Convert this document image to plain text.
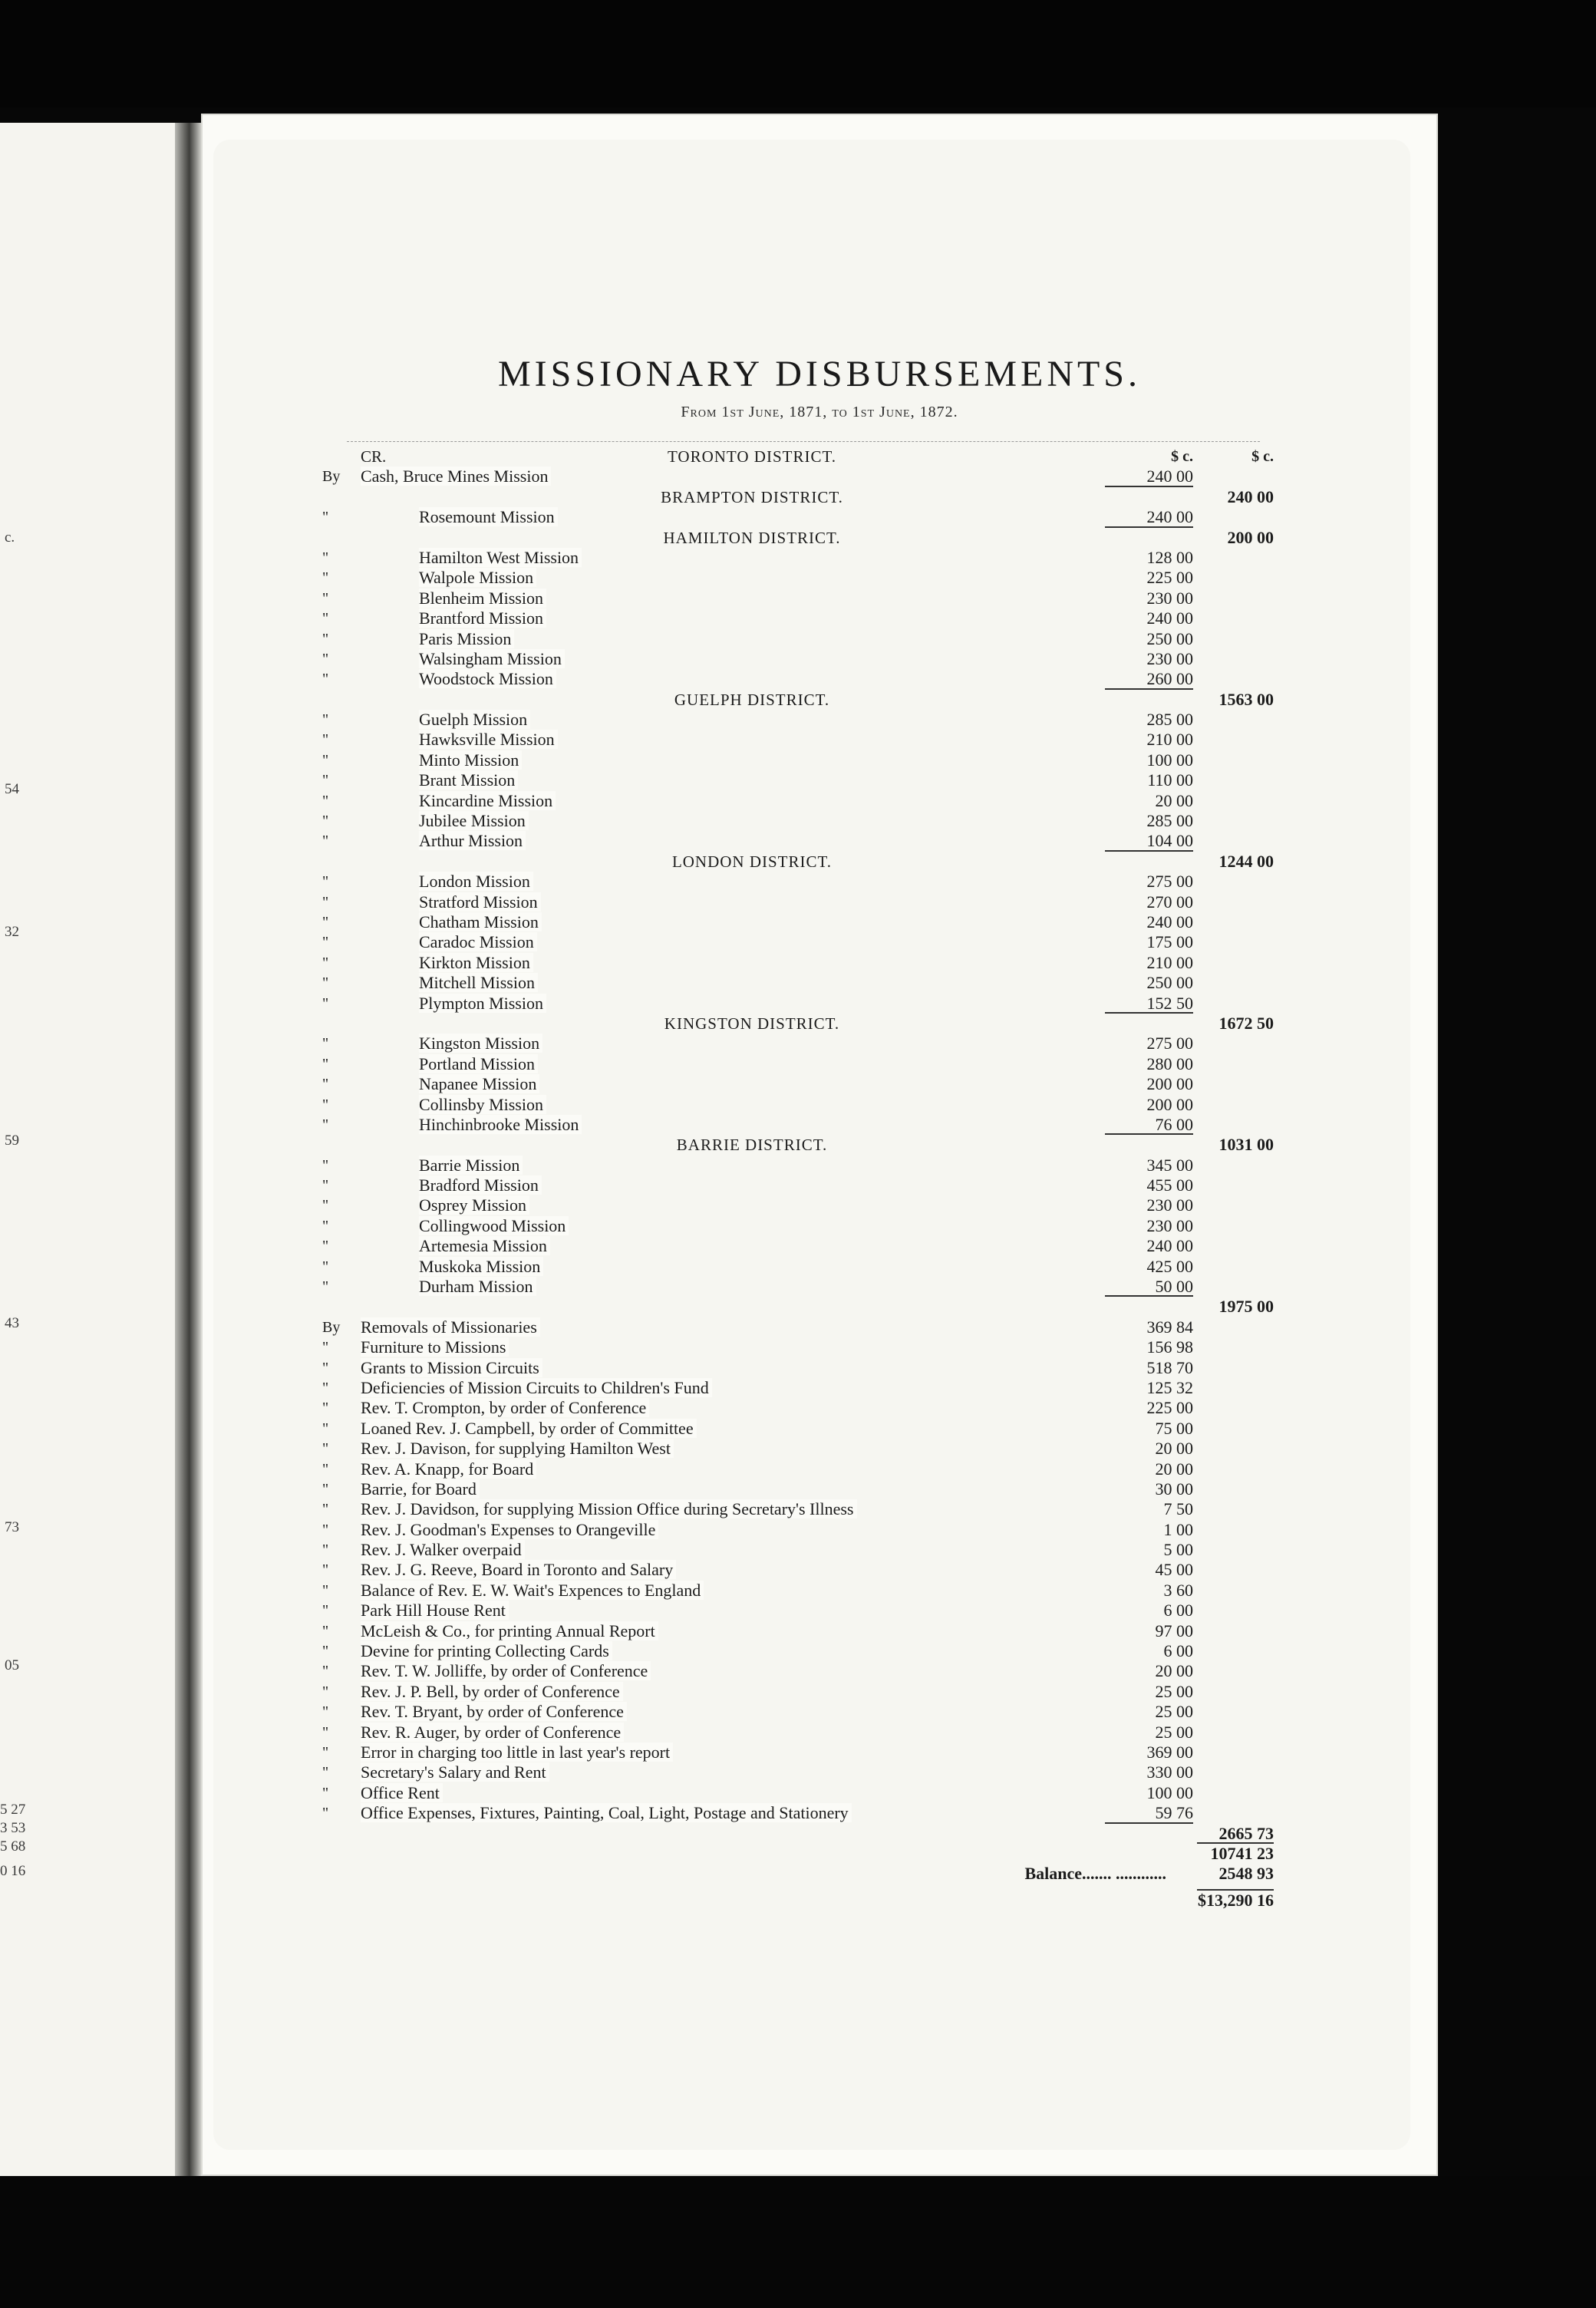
c.
54
32
59
43
73
05
5 27
3 53
5 68
0 16
MISSIONARY DISBURSEMENTS.
From 1st June, 1871, to 1st June, 1872.
CR.	TORONTO DISTRICT.	$ c.	$ c.
By	Cash, Bruce Mines Mission	240 00
BRAMPTON DISTRICT.	240 00
"	Rosemount Mission	240 00
HAMILTON DISTRICT.	200 00
"	Hamilton West Mission	128 00
"	Walpole Mission	225 00
"	Blenheim Mission	230 00
"	Brantford Mission	240 00
"	Paris Mission	250 00
"	Walsingham Mission	230 00
"	Woodstock Mission	260 00
GUELPH DISTRICT.	1563 00
"	Guelph Mission	285 00
"	Hawksville Mission	210 00
"	Minto Mission	100 00
"	Brant Mission	110 00
"	Kincardine Mission	20 00
"	Jubilee Mission	285 00
"	Arthur Mission	104 00
LONDON DISTRICT.	1244 00
"	London Mission	275 00
"	Stratford Mission	270 00
"	Chatham Mission	240 00
"	Caradoc Mission	175 00
"	Kirkton Mission	210 00
"	Mitchell Mission	250 00
"	Plympton Mission	152 50
KINGSTON DISTRICT.	1672 50
"	Kingston Mission	275 00
"	Portland Mission	280 00
"	Napanee Mission	200 00
"	Collinsby Mission	200 00
"	Hinchinbrooke Mission	76 00
BARRIE DISTRICT.	1031 00
"	Barrie Mission	345 00
"	Bradford Mission	455 00
"	Osprey Mission	230 00
"	Collingwood Mission	230 00
"	Artemesia Mission	240 00
"	Muskoka Mission	425 00
"	Durham Mission	50 00
1975 00
By	Removals of Missionaries	369 84
"	Furniture to Missions	156 98
"	Grants to Mission Circuits	518 70
"	Deficiencies of Mission Circuits to Children's Fund	125 32
"	Rev. T. Crompton, by order of Conference	225 00
"	Loaned Rev. J. Campbell, by order of Committee	75 00
"	Rev. J. Davison, for supplying Hamilton West	20 00
"	Rev. A. Knapp, for Board	20 00
"	Barrie, for Board	30 00
"	Rev. J. Davidson, for supplying Mission Office during Secretary's Illness	7 50
"	Rev. J. Goodman's Expenses to Orangeville	1 00
"	Rev. J. Walker overpaid	5 00
"	Rev. J. G. Reeve, Board in Toronto and Salary	45 00
"	Balance of Rev. E. W. Wait's Expences to England	3 60
"	Park Hill House Rent	6 00
"	McLeish & Co., for printing Annual Report	97 00
"	Devine for printing Collecting Cards	6 00
"	Rev. T. W. Jolliffe, by order of Conference	20 00
"	Rev. J. P. Bell, by order of Conference	25 00
"	Rev. T. Bryant, by order of Conference	25 00
"	Rev. R. Auger, by order of Conference	25 00
"	Error in charging too little in last year's report	369 00
"	Secretary's Salary and Rent	330 00
"	Office Rent	100 00
"	Office Expenses, Fixtures, Painting, Coal, Light, Postage and Stationery	59 76
2665 73
10741 23
Balance....... ............	2548 93
$13,290 16
